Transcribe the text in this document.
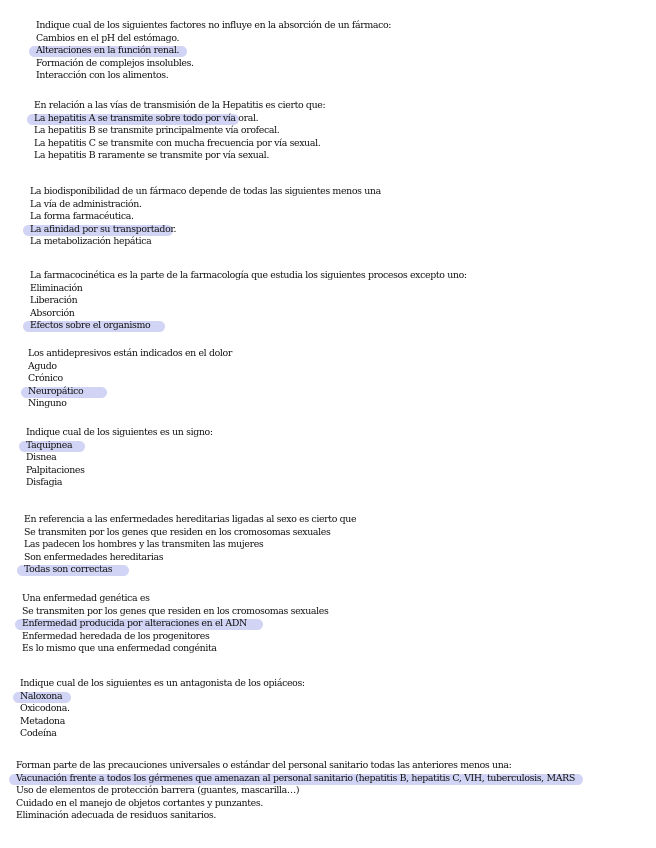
Indique cual de los siguientes factores no influye en la absorción de un fármaco:
Cambios en el pH del estómago.
Alteraciones en la función renal.
Formación de complejos insolubles.
Interacción con los alimentos.
En relación a las vías de transmisión de la Hepatitis es cierto que:
La hepatitis A se transmite sobre todo por vía oral.
La hepatitis B se transmite principalmente vía orofecal.
La hepatitis C se transmite con mucha frecuencia por vía sexual.
La hepatitis B raramente se transmite por vía sexual.
La biodisponibilidad de un fármaco depende de todas las siguientes menos una
La vía de administración.
La forma farmacéutica.
La afinidad por su transportador.
La metabolización hepática
La farmacocinética es la parte de la farmacología que estudia los siguientes procesos excepto uno:
Eliminación
Liberación
Absorción
Efectos sobre el organismo
Los antidepresivos están indicados en el dolor
Agudo
Crónico
Neuropático
Ninguno
Indique cual de los siguientes es un signo:
Taquipnea
Disnea
Palpitaciones
Disfagia
En referencia a las enfermedades hereditarias ligadas al sexo es cierto que
Se transmiten por los genes que residen en los cromosomas sexuales
Las padecen los hombres y las transmiten las mujeres
Son enfermedades hereditarias
Todas son correctas
Una enfermedad genética es
Se transmiten por los genes que residen en los cromosomas sexuales
Enfermedad producida por alteraciones en el ADN
Enfermedad heredada de los progenitores
Es lo mismo que una enfermedad congénita
Indique cual de los siguientes es un antagonista de los opiáceos:
Naloxona
Oxicodona.
Metadona
Codeína
Forman parte de las precauciones universales o estándar del personal sanitario todas las anteriores menos una:
Vacunación frente a todos los gérmenes que amenazan al personal sanitario (hepatitis B, hepatitis C, VIH, tuberculosis, MARS
Uso de elementos de protección barrera (guantes, mascarilla…)
Cuidado en el manejo de objetos cortantes y punzantes.
Eliminación adecuada de residuos sanitarios.
